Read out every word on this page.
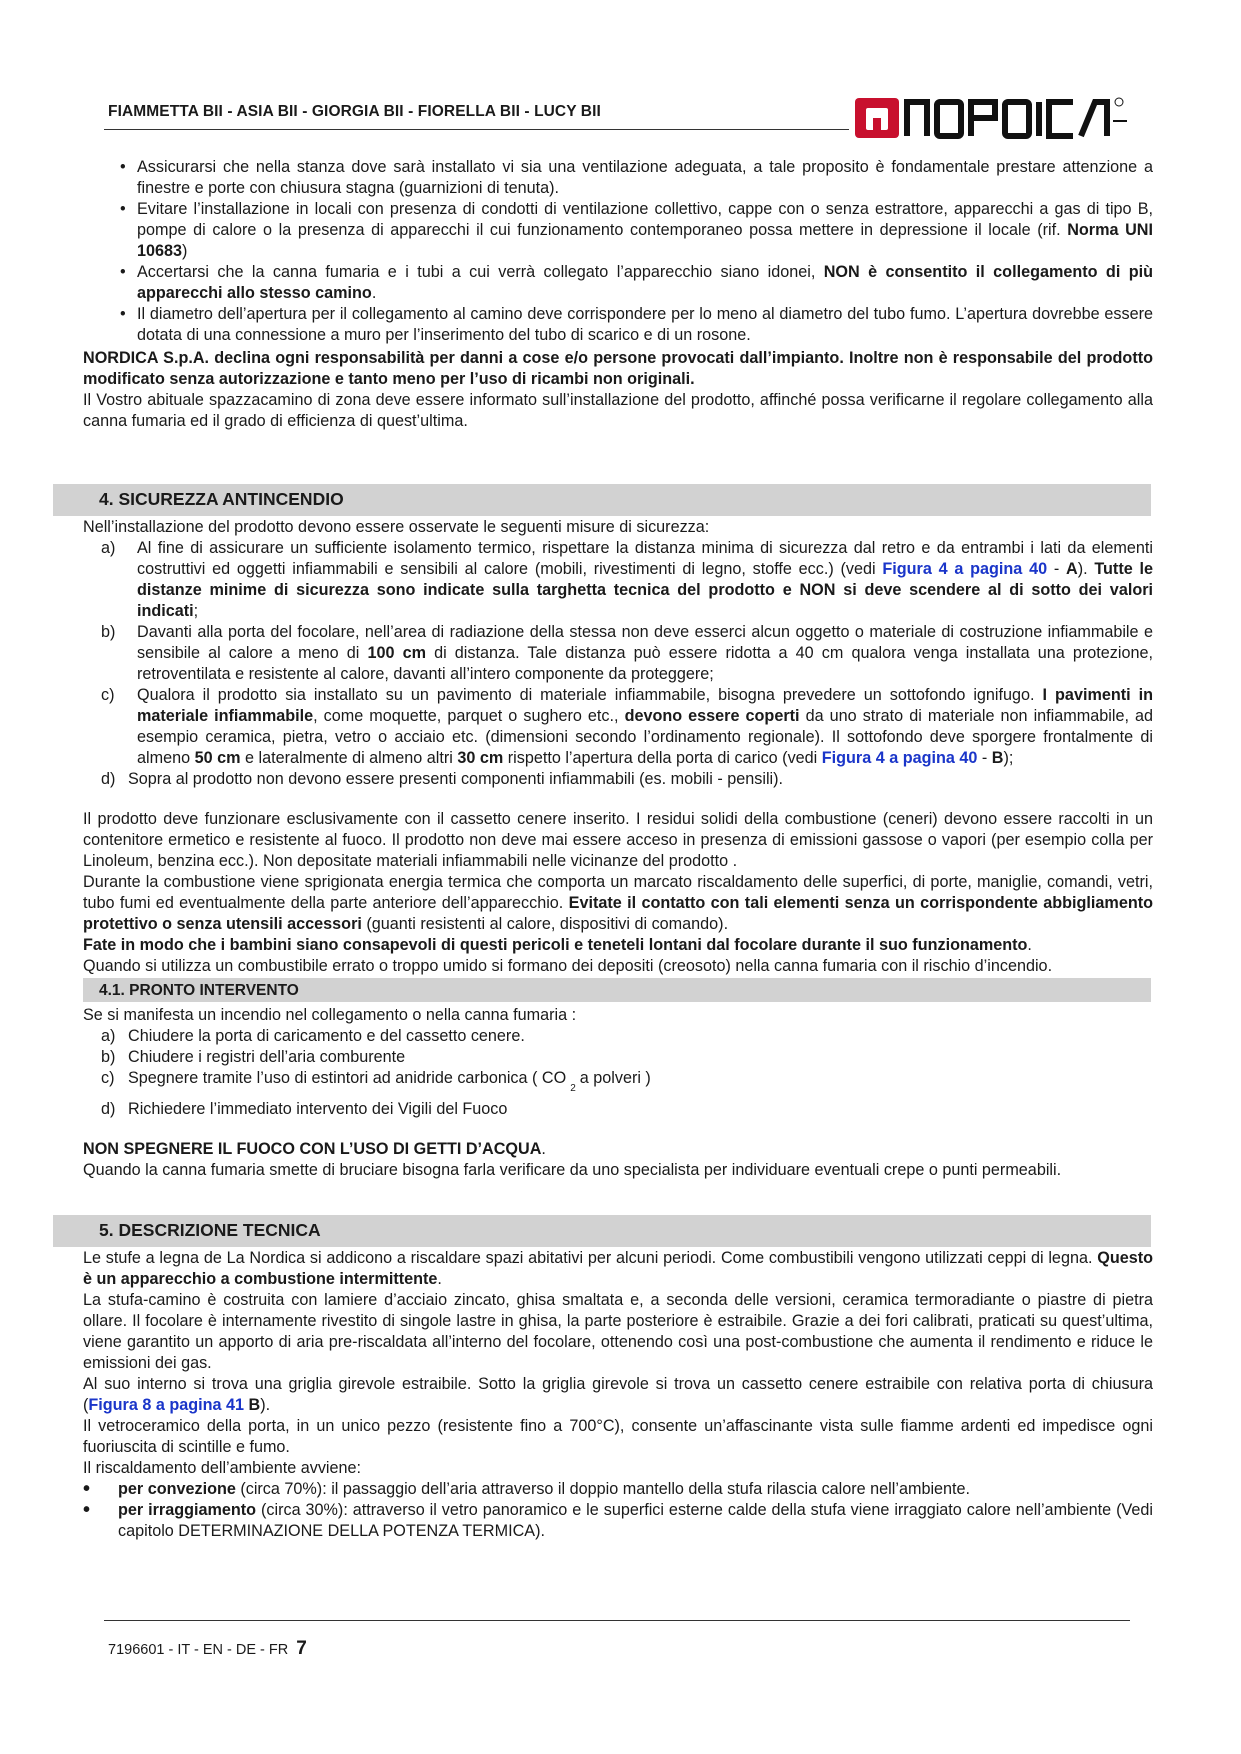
FIAMMETTA BII - ASIA BII - GIORGIA BII - FIORELLA BII - LUCY BII
• Assicurarsi che nella stanza dove sarà installato vi sia una ventilazione adeguata, a tale proposito è fondamentale prestare attenzione a finestre e porte con chiusura stagna (guarnizioni di tenuta).
• Evitare l’installazione in locali con presenza di condotti di ventilazione collettivo, cappe con o senza estrattore, apparecchi a gas di tipo B, pompe di calore o la presenza di apparecchi il cui funzionamento contemporaneo possa mettere in depressione il locale (rif. Norma UNI 10683)
• Accertarsi che la canna fumaria e i tubi a cui verrà collegato l’apparecchio siano idonei, NON è consentito il collegamento di più apparecchi allo stesso camino.
• Il diametro dell’apertura per il collegamento al camino deve corrispondere per lo meno al diametro del tubo fumo. L’apertura dovrebbe essere dotata di una connessione a muro per l’inserimento del tubo di scarico e di un rosone.

NORDICA S.p.A. declina ogni responsabilità per danni a cose e/o persone provocati dall’impianto. Inoltre non è responsabile del prodotto modificato senza autorizzazione e tanto meno per l’uso di ricambi non originali.

Il Vostro abituale spazzacamino di zona deve essere informato sull’installazione del prodotto, affinché possa verificarne il regolare collegamento alla canna fumaria ed il grado di efficienza di quest’ultima.

4. SICUREZZA ANTINCENDIO

Nell’installazione del prodotto devono essere osservate le seguenti misure di sicurezza:

a) Al fine di assicurare un sufficiente isolamento termico, rispettare la distanza minima di sicurezza dal retro e da entrambi i lati da elementi costruttivi ed oggetti infiammabili e sensibili al calore (mobili, rivestimenti di legno, stoffe ecc.) (vedi Figura 4 a pagina 40 - A). Tutte le distanze minime di sicurezza sono indicate sulla targhetta tecnica del prodotto e NON si deve scendere al di sotto dei valori indicati;
b) Davanti alla porta del focolare, nell’area di radiazione della stessa non deve esserci alcun oggetto o materiale di costruzione infiammabile e sensibile al calore a meno di 100 cm di distanza. Tale distanza può essere ridotta a 40 cm qualora venga installata una protezione, retroventilata e resistente al calore, davanti all’intero componente da proteggere;
c) Qualora il prodotto sia installato su un pavimento di materiale infiammabile, bisogna prevedere un sottofondo ignifugo. I pavimenti in materiale infiammabile, come moquette, parquet o sughero etc., devono essere coperti da uno strato di materiale non infiammabile, ad esempio ceramica, pietra, vetro o acciaio etc. (dimensioni secondo l’ordinamento regionale). Il sottofondo deve sporgere frontalmente di almeno 50 cm e lateralmente di almeno altri 30 cm rispetto l’apertura della porta di carico (vedi Figura 4 a pagina 40 - B);
d) Sopra al prodotto non devono essere presenti componenti infiammabili (es. mobili - pensili).

Il prodotto deve funzionare esclusivamente con il cassetto cenere inserito. I residui solidi della combustione (ceneri) devono essere raccolti in un contenitore ermetico e resistente al fuoco. Il prodotto non deve mai essere acceso in presenza di emissioni gassose o vapori (per esempio colla per Linoleum, benzina ecc.). Non depositate materiali infiammabili nelle vicinanze del prodotto .

Durante la combustione viene sprigionata energia termica che comporta un marcato riscaldamento delle superfici, di porte, maniglie, comandi, vetri, tubo fumi ed eventualmente della parte anteriore dell’apparecchio. Evitate il contatto con tali elementi senza un corrispondente abbigliamento protettivo o senza utensili accessori (guanti resistenti al calore, dispositivi di comando).

Fate in modo che i bambini siano consapevoli di questi pericoli e teneteli lontani dal focolare durante il suo funzionamento.

Quando si utilizza un combustibile errato o troppo umido si formano dei depositi (creosoto) nella canna fumaria con il rischio d’incendio.

4.1. PRONTO INTERVENTO

Se si manifesta un incendio nel collegamento o nella canna fumaria :

a) Chiudere la porta di caricamento e del cassetto cenere.
b) Chiudere i registri dell’aria comburente
c) Spegnere tramite l’uso di estintori ad anidride carbonica ( $CO_2a$ polveri )
d) Richiedere l’immediato intervento dei Vigili del Fuoco

NON SPEGNERE IL FUOCO CON L’USO DI GETTI D’ACQUA.

Quando la canna fumaria smette di bruciare bisogna farla verificare da uno specialista per individuare eventuali crepe o punti permeabili.

5. DESCRIZIONE TECNICA

Le stufe a legna de La Nordica si addicono a riscaldare spazi abitativi per alcuni periodi. Come combustibili vengono utilizzati ceppi di legna. Questo è un apparecchio a combustione intermittente.

La stufa-camino è costruita con lamiere d’acciaio zincato, ghisa smaltata e, a seconda delle versioni, ceramica termoradiante o piastre di pietra ollare. Il focolare è internamente rivestito di singole lastre in ghisa, la parte posteriore è estraibile. Grazie a dei fori calibrati, praticati su quest’ultima, viene garantito un apporto di aria pre-riscaldata all’interno del focolare, ottenendo così una post-combustione che aumenta il rendimento e riduce le emissioni dei gas.

Al suo interno si trova una griglia girevole estraibile. Sotto la griglia girevole si trova un cassetto cenere estraibile con relativa porta di chiusura (Figura 8 a pagina 41 B).

Il vetroceramico della porta, in un unico pezzo (resistente fino a 700°C), consente un’affascinante vista sulle fiamme ardenti ed impedisce ogni fuoriuscita di scintille e fumo.

Il riscaldamento dell’ambiente avviene:

• per convezione (circa 70%): il passaggio dell’aria attraverso il doppio mantello della stufa rilascia calore nell’ambiente.
• per irraggiamento (circa 30%): attraverso il vetro panoramico e le superfici esterne calde della stufa viene irraggiato calore nell’ambiente (Vedi capitolo DETERMINAZIONE DELLA POTENZA TERMICA).
7196601 - IT - EN - DE - FR 7
